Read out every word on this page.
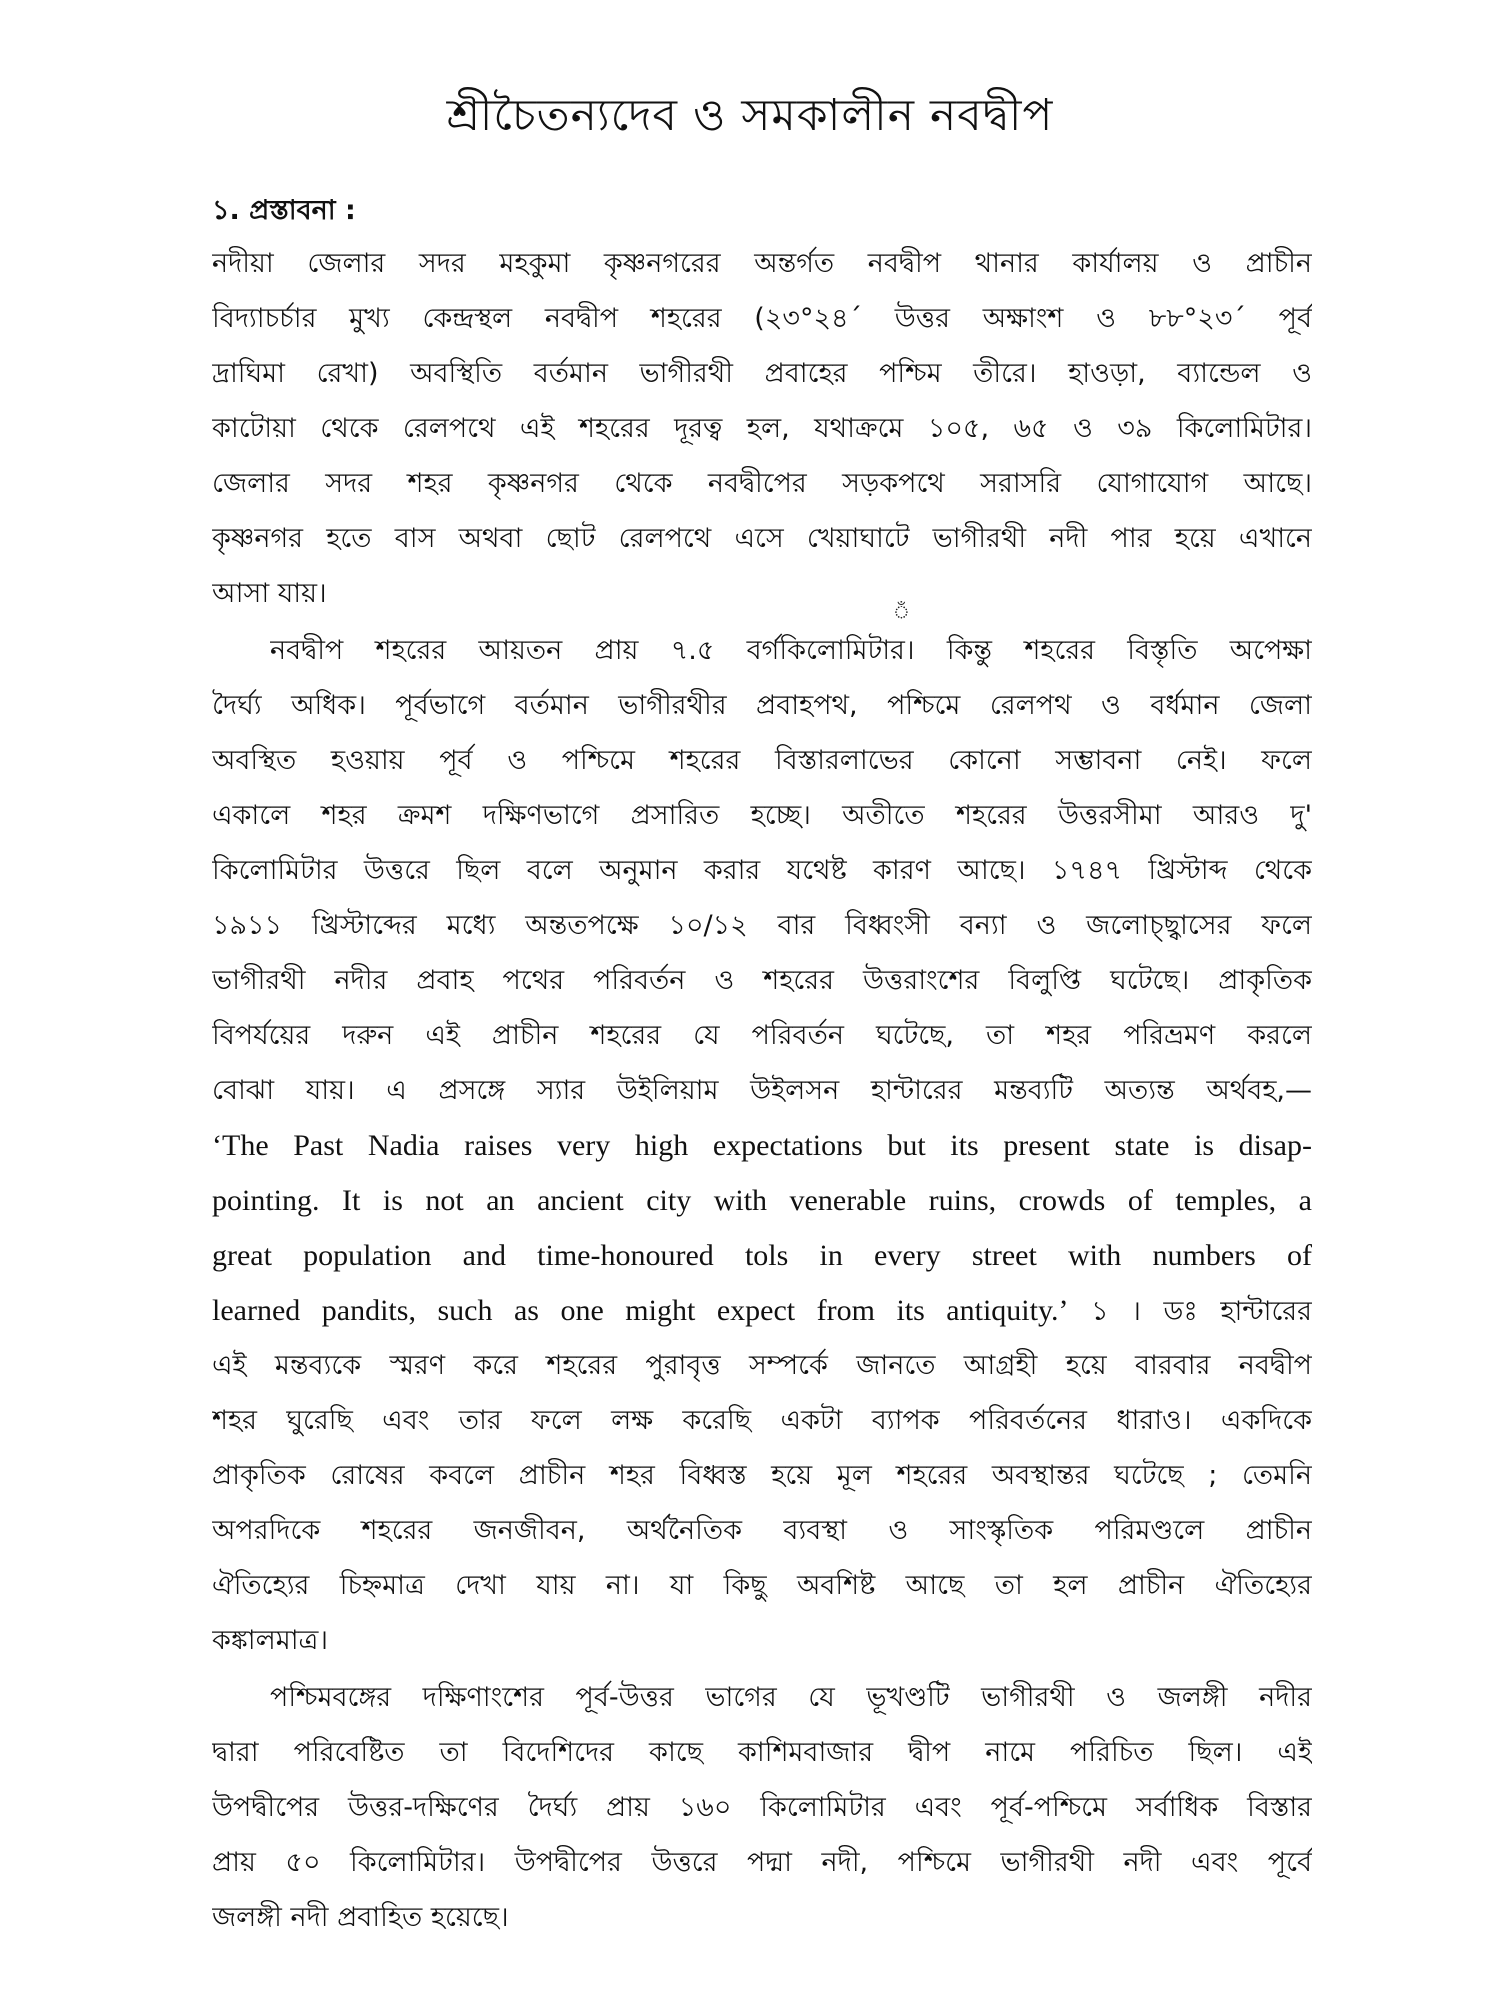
শ্রীচৈতন্যদেব ও সমকালীন নবদ্বীপ
১. প্রস্তাবনা :
নদীয়া জেলার সদর মহকুমা কৃষ্ণনগরের অন্তর্গত নবদ্বীপ থানার কার্যালয় ও প্রাচীন
বিদ্যাচর্চার মুখ্য কেন্দ্রস্থল নবদ্বীপ শহরের (২৩°২৪´ উত্তর অক্ষাংশ ও ৮৮°২৩´ পূর্ব
দ্রাঘিমা রেখা) অবস্থিতি বর্তমান ভাগীরথী প্রবাহের পশ্চিম তীরে। হাওড়া, ব্যান্ডেল ও
কাটোয়া থেকে রেলপথে এই শহরের দূরত্ব হল, যথাক্রমে ১০৫, ৬৫ ও ৩৯ কিলোমিটার।
জেলার সদর শহর কৃষ্ণনগর থেকে নবদ্বীপের সড়কপথে সরাসরি যোগাযোগ আছে।
কৃষ্ণনগর হতে বাস অথবা ছোট রেলপথে এসে খেয়াঘাটে ভাগীরথী নদী পার হয়ে এখানে
আসা যায়।
ঁ
নবদ্বীপ শহরের আয়তন প্রায় ৭.৫ বর্গকিলোমিটার। কিন্তু শহরের বিস্তৃতি অপেক্ষা
দৈর্ঘ্য অধিক। পূর্বভাগে বর্তমান ভাগীরথীর প্রবাহপথ, পশ্চিমে রেলপথ ও বর্ধমান জেলা
অবস্থিত হওয়ায় পূর্ব ও পশ্চিমে শহরের বিস্তারলাভের কোনো সম্ভাবনা নেই। ফলে
একালে শহর ক্রমশ দক্ষিণভাগে প্রসারিত হচ্ছে। অতীতে শহরের উত্তরসীমা আরও দু'
কিলোমিটার উত্তরে ছিল বলে অনুমান করার যথেষ্ট কারণ আছে। ১৭৪৭ খ্রিস্টাব্দ থেকে
১৯১১ খ্রিস্টাব্দের মধ্যে অন্ততপক্ষে ১০/১২ বার বিধ্বংসী বন্যা ও জলোচ্ছ্বাসের ফলে
ভাগীরথী নদীর প্রবাহ পথের পরিবর্তন ও শহরের উত্তরাংশের বিলুপ্তি ঘটেছে। প্রাকৃতিক
বিপর্যয়ের দরুন এই প্রাচীন শহরের যে পরিবর্তন ঘটেছে, তা শহর পরিভ্রমণ করলে
বোঝা যায়। এ প্রসঙ্গে স্যার উইলিয়াম উইলসন হান্টারের মন্তব্যটি অত্যন্ত অর্থবহ,—
‘The Past Nadia raises very high expectations but its present state is disap-
pointing. It is not an ancient city with venerable ruins, crowds of temples, a
great population and time-honoured tols in every street with numbers of
learned pandits, such as one might expect from its antiquity.’ ১ । ডঃ হান্টারের
এই মন্তব্যকে স্মরণ করে শহরের পুরাবৃত্ত সম্পর্কে জানতে আগ্রহী হয়ে বারবার নবদ্বীপ
শহর ঘুরেছি এবং তার ফলে লক্ষ করেছি একটা ব্যাপক পরিবর্তনের ধারাও। একদিকে
প্রাকৃতিক রোষের কবলে প্রাচীন শহর বিধ্বস্ত হয়ে মূল শহরের অবস্থান্তর ঘটেছে ; তেমনি
অপরদিকে শহরের জনজীবন, অর্থনৈতিক ব্যবস্থা ও সাংস্কৃতিক পরিমণ্ডলে প্রাচীন
ঐতিহ্যের চিহ্নমাত্র দেখা যায় না। যা কিছু অবশিষ্ট আছে তা হল প্রাচীন ঐতিহ্যের
কঙ্কালমাত্র।
পশ্চিমবঙ্গের দক্ষিণাংশের পূর্ব-উত্তর ভাগের যে ভূখণ্ডটি ভাগীরথী ও জলঙ্গী নদীর
দ্বারা পরিবেষ্টিত তা বিদেশিদের কাছে কাশিমবাজার দ্বীপ নামে পরিচিত ছিল। এই
উপদ্বীপের উত্তর-দক্ষিণের দৈর্ঘ্য প্রায় ১৬০ কিলোমিটার এবং পূর্ব-পশ্চিমে সর্বাধিক বিস্তার
প্রায় ৫০ কিলোমিটার। উপদ্বীপের উত্তরে পদ্মা নদী, পশ্চিমে ভাগীরথী নদী এবং পূর্বে
জলঙ্গী নদী প্রবাহিত হয়েছে।
